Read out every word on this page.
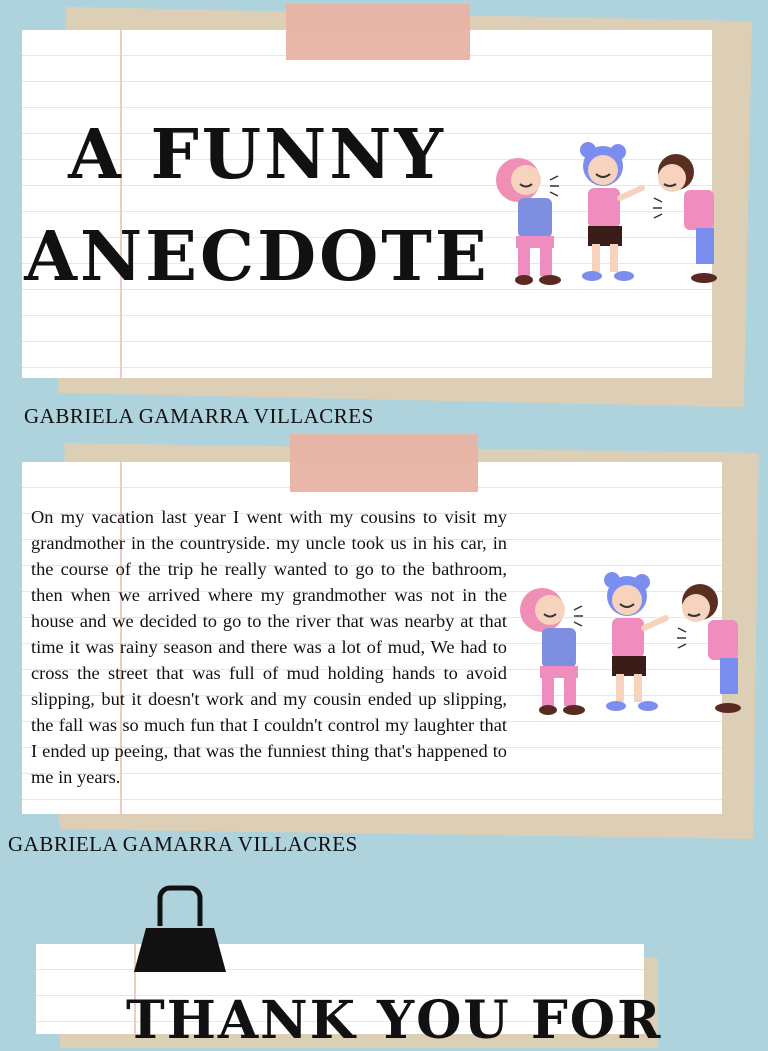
A FUNNY
ANECDOTE
GABRIELA GAMARRA VILLACRES

On my vacation last year I went with my cousins to visit my grandmother in the countryside. my uncle took us in his car, in the course of the trip he really wanted to go to the bathroom, then when we arrived where my grandmother was not in the house and we decided to go to the river that was nearby at that time it was rainy season and there was a lot of mud, We had to cross the street that was full of mud holding hands to avoid slipping, but it doesn't work and my cousin ended up slipping, the fall was so much fun that I couldn't control my laughter that I ended up peeing, that was the funniest thing that's happened to me in years.

GABRIELA GAMARRA VILLACRES
THANK YOU FOR
